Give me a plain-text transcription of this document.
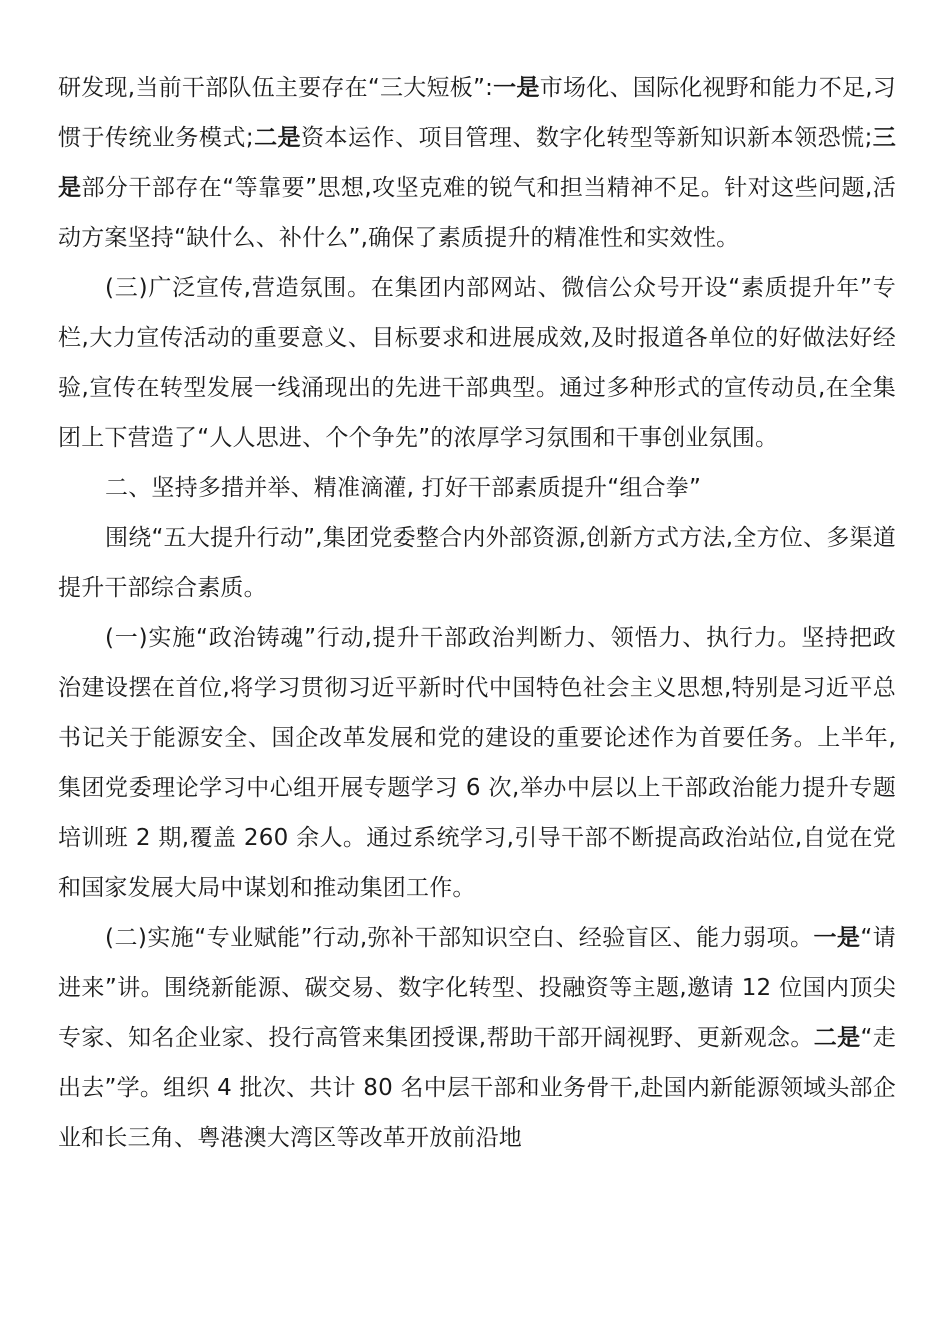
研发现,当前干部队伍主要存在“三大短板”:一是市场化、国际化视野和能力不足,习惯于传统业务模式;二是资本运作、项目管理、数字化转型等新知识新本领恐慌;三是部分干部存在“等靠要”思想,攻坚克难的锐气和担当精神不足。针对这些问题,活动方案坚持“缺什么、补什么”,确保了素质提升的精准性和实效性。

(三)广泛宣传,营造氛围。在集团内部网站、微信公众号开设“素质提升年”专栏,大力宣传活动的重要意义、目标要求和进展成效,及时报道各单位的好做法好经验,宣传在转型发展一线涌现出的先进干部典型。通过多种形式的宣传动员,在全集团上下营造了“人人思进、个个争先”的浓厚学习氛围和干事创业氛围。

二、坚持多措并举、精准滴灌, 打好干部素质提升“组合拳”

围绕“五大提升行动”,集团党委整合内外部资源,创新方式方法,全方位、多渠道提升干部综合素质。

(一)实施“政治铸魂”行动,提升干部政治判断力、领悟力、执行力。坚持把政治建设摆在首位,将学习贯彻习近平新时代中国特色社会主义思想,特别是习近平总书记关于能源安全、国企改革发展和党的建设的重要论述作为首要任务。上半年,集团党委理论学习中心组开展专题学习 6 次,举办中层以上干部政治能力提升专题培训班 2 期,覆盖 260 余人。通过系统学习,引导干部不断提高政治站位,自觉在党和国家发展大局中谋划和推动集团工作。

(二)实施“专业赋能”行动,弥补干部知识空白、经验盲区、能力弱项。一是“请进来”讲。围绕新能源、碳交易、数字化转型、投融资等主题,邀请 12 位国内顶尖专家、知名企业家、投行高管来集团授课,帮助干部开阔视野、更新观念。二是“走出去”学。组织 4 批次、共计 80 名中层干部和业务骨干,赴国内新能源领域头部企业和长三角、粤港澳大湾区等改革开放前沿地
